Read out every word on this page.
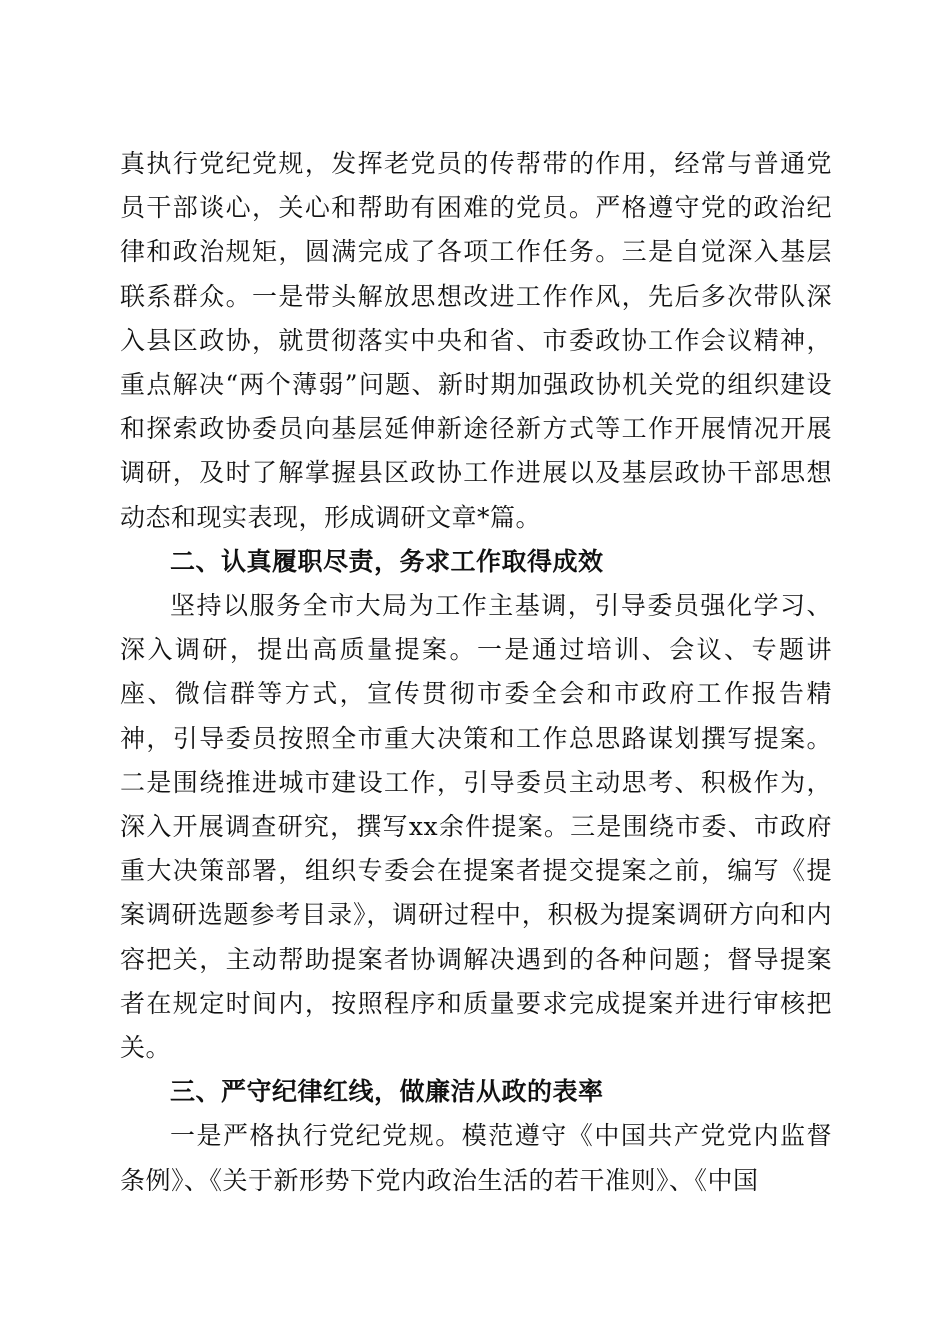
真执行党纪党规，发挥老党员的传帮带的作用，经常与普通党员干部谈心，关心和帮助有困难的党员。严格遵守党的政治纪律和政治规矩，圆满完成了各项工作任务。三是自觉深入基层联系群众。一是带头解放思想改进工作作风，先后多次带队深入县区政协，就贯彻落实中央和省、市委政协工作会议精神，重点解决“两个薄弱”问题、新时期加强政协机关党的组织建设和探索政协委员向基层延伸新途径新方式等工作开展情况开展调研，及时了解掌握县区政协工作进展以及基层政协干部思想动态和现实表现，形成调研文章*篇。

二、认真履职尽责，务求工作取得成效

坚持以服务全市大局为工作主基调，引导委员强化学习、深入调研，提出高质量提案。一是通过培训、会议、专题讲座、微信群等方式，宣传贯彻市委全会和市政府工作报告精神，引导委员按照全市重大决策和工作总思路谋划撰写提案。二是围绕推进城市建设工作，引导委员主动思考、积极作为，深入开展调查研究，撰写xx余件提案。三是围绕市委、市政府重大决策部署，组织专委会在提案者提交提案之前，编写《提案调研选题参考目录》，调研过程中，积极为提案调研方向和内容把关，主动帮助提案者协调解决遇到的各种问题；督导提案者在规定时间内，按照程序和质量要求完成提案并进行审核把关。

三、严守纪律红线，做廉洁从政的表率

一是严格执行党纪党规。模范遵守《中国共产党党内监督条例》、《关于新形势下党内政治生活的若干准则》、《中国
